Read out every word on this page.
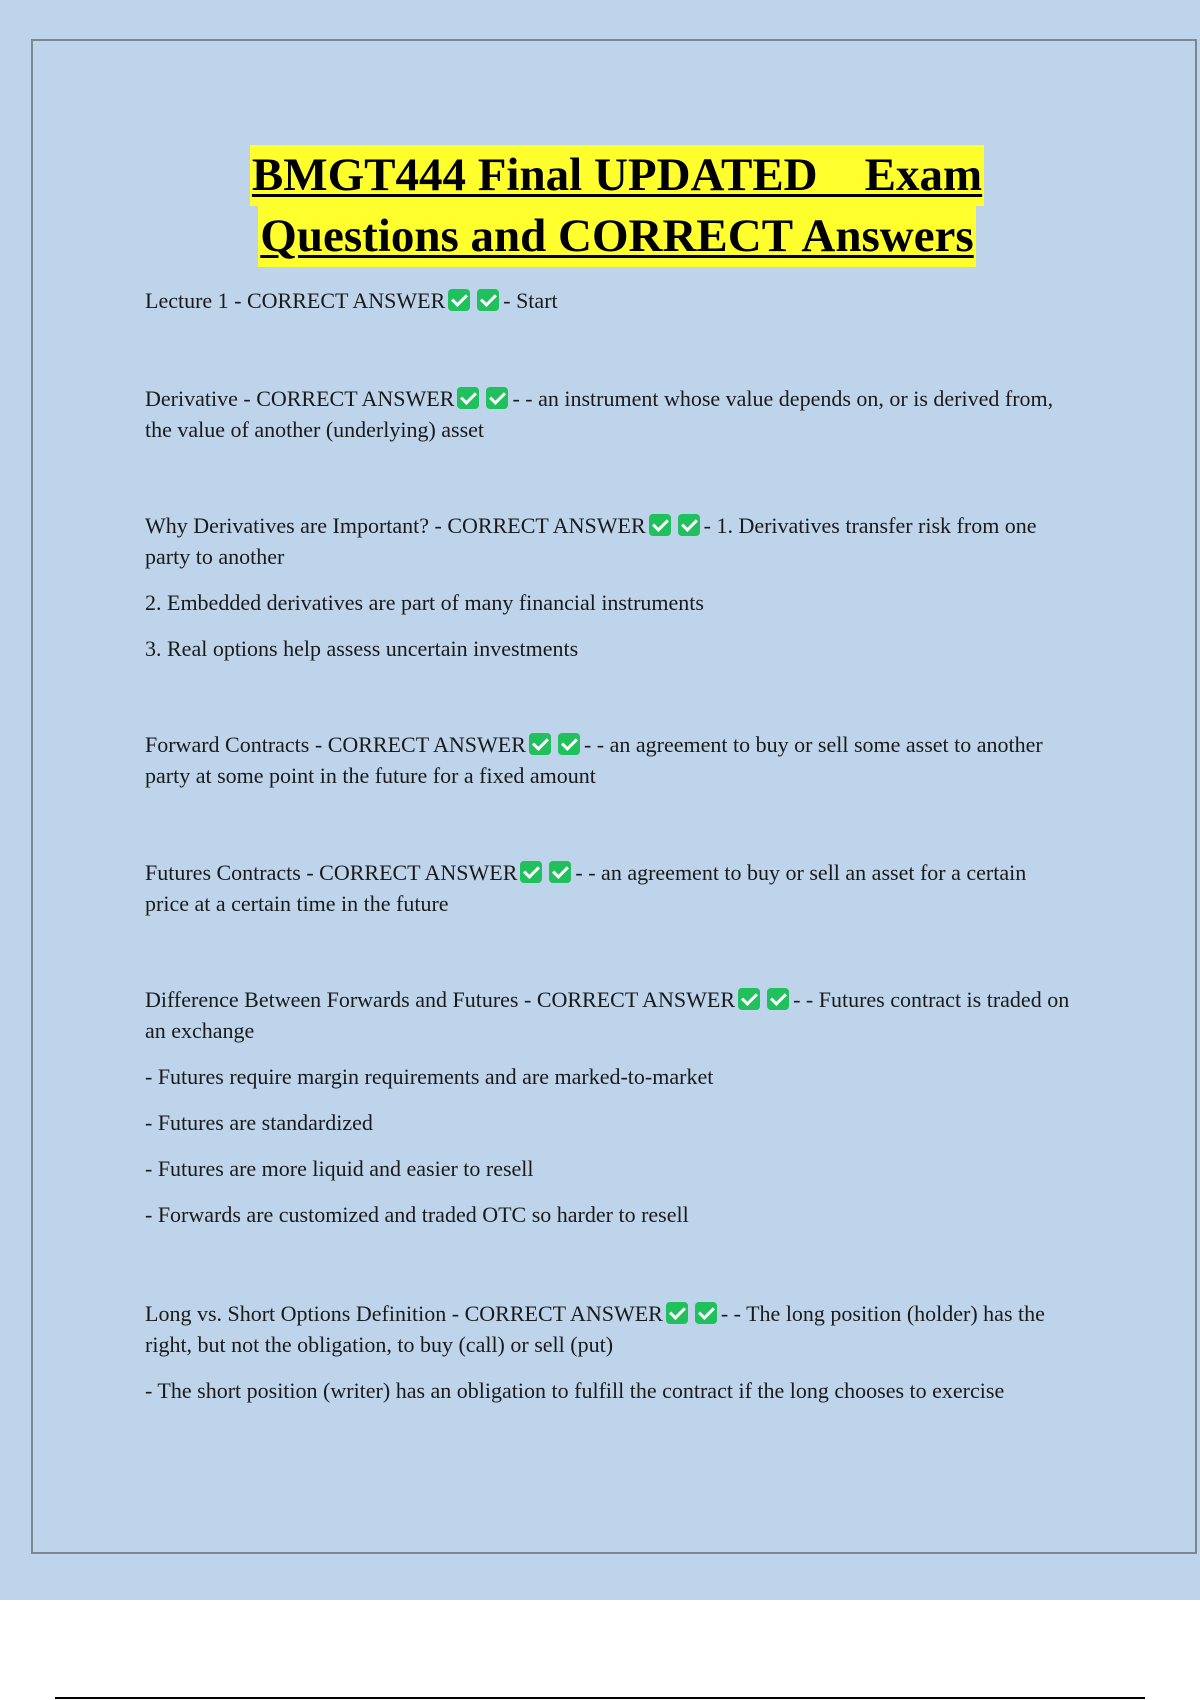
BMGT444 Final UPDATED    Exam
Questions and CORRECT Answers

Lecture 1 - CORRECT ANSWER	- Start

Derivative - CORRECT ANSWER	- - an instrument whose value depends on, or is derived from, the value of another (underlying) asset

Why Derivatives are Important? - CORRECT ANSWER	- 1. Derivatives transfer risk from one party to another

2. Embedded derivatives are part of many financial instruments

3. Real options help assess uncertain investments

Forward Contracts - CORRECT ANSWER	- - an agreement to buy or sell some asset to another party at some point in the future for a fixed amount

Futures Contracts - CORRECT ANSWER	- - an agreement to buy or sell an asset for a certain price at a certain time in the future

Difference Between Forwards and Futures - CORRECT ANSWER	- - Futures contract is traded on an exchange

- Futures require margin requirements and are marked-to-market

- Futures are standardized

- Futures are more liquid and easier to resell

- Forwards are customized and traded OTC so harder to resell

Long vs. Short Options Definition - CORRECT ANSWER	- - The long position (holder) has the right, but not the obligation, to buy (call) or sell (put)

- The short position (writer) has an obligation to fulfill the contract if the long chooses to exercise
